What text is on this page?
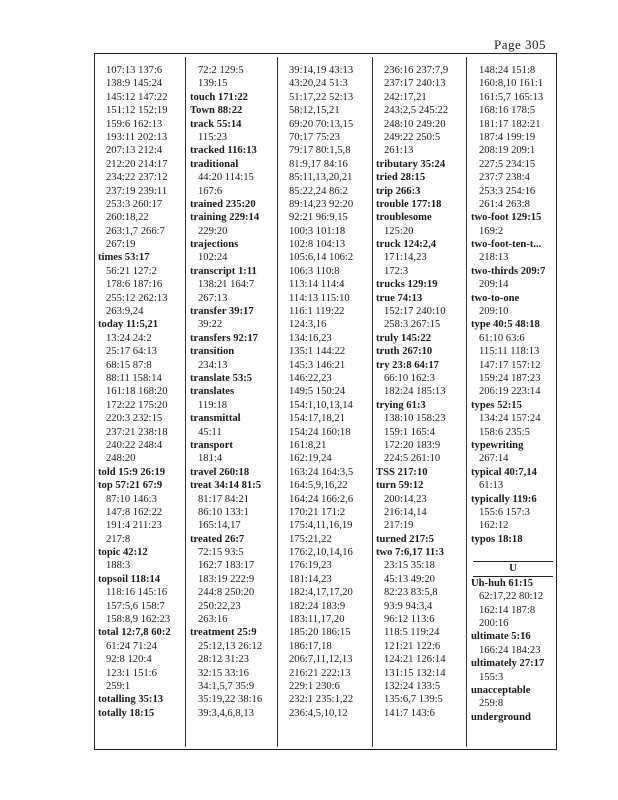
Page 305
107:13 137:6
138:9 145:24
145:12 147:22
151:12 152:19
159:6 162:13
193:11 202:13
207:13 212:4
212:20 214:17
234:22 237:12
237:19 239:11
253:3 260:17
260:18,22
263:1,7 266:7
267:19
times 53:17
56:21 127:2
178:6 187:16
255:12 262:13
263:9,24
today 11:5,21
13:24 24:2
25:17 64:13
68:15 87:8
88:11 158:14
161:18 168:20
172:22 175:20
220:3 232:15
237:21 238:18
240:22 248:4
248:20
told 15:9 26:19
top 57:21 67:9
87:10 146:3
147:8 162:22
191:4 211:23
217:8
topic 42:12
188:3
topsoil 118:14
118:16 145:16
157:5,6 158:7
158:8,9 162:23
total 12:7,8 60:2
61:24 71:24
92:8 120:4
123:1 151:6
259:1
totalling 35:13
totally 18:15
72:2 129:5
139:15
touch 171:22
Town 88:22
track 55:14
115:23
tracked 116:13
traditional
44:20 114:15
167:6
trained 235:20
training 229:14
229:20
trajections
102:24
transcript 1:11
138:21 164:7
267:13
transfer 39:17
39:22
transfers 92:17
transition
234:13
translate 53:5
translates
119:18
transmittal
45:11
transport
181:4
travel 260:18
treat 34:14 81:5
81:17 84:21
86:10 133:1
165:14,17
treated 26:7
72:15 93:5
162:7 183:17
183:19 222:9
244:8 250:20
250:22,23
263:16
treatment 25:9
25:12,13 26:12
28:12 31:23
32:15 33:16
34:1,5,7 35:9
35:19,22 38:16
39:3,4,6,8,13
39:14,19 43:13
43:20,24 51:3
51:17,22 52:13
58:12,15,21
69:20 70:13,15
70:17 75:23
79:17 80:1,5,8
81:9,17 84:16
85:11,13,20,21
85:22,24 86:2
89:14,23 92:20
92:21 96:9,15
100:3 101:18
102:8 104:13
105:6,14 106:2
106:3 110:8
113:14 114:4
114:13 115:10
116:1 119:22
124:3,16
134:16,23
135:1 144:22
145:3 146:21
146:22,23
149:5 150:24
154:1,10,13,14
154:17,18,21
154:24 160:18
161:8,21
162:19,24
163:24 164:3,5
164:5,9,16,22
164:24 166:2,6
170:21 171:2
175:4,11,16,19
175:21,22
176:2,10,14,16
176:19,23
181:14,23
182:4,17,17,20
182:24 183:9
183:11,17,20
185:20 186:15
186:17,18
206:7,11,12,13
216:21 222:13
229:1 230:6
232:1 235:1,22
236:4,5,10,12
236:16 237:7,9
237:17 240:13
242:17,21
243:2,5 245:22
248:10 249:20
249:22 250:5
261:13
tributary 35:24
tried 28:15
trip 266:3
trouble 177:18
troublesome
125:20
truck 124:2,4
171:14,23
172:3
trucks 129:19
true 74:13
152:17 240:10
258:3 267:15
truly 145:22
truth 267:10
try 23:8 64:17
66:10 162:3
182:24 185:13
trying 61:3
138:10 158:23
159:1 165:4
172:20 183:9
224:5 261:10
TSS 217:10
turn 59:12
200:14,23
216:14,14
217:19
turned 217:5
two 7:6,17 11:3
23:15 35:18
45:13 49:20
82:23 83:5,8
93:9 94:3,4
96:12 113:6
118:5 119:24
121:21 122:6
124:21 126:14
131:15 132:14
132:24 133:5
135:6,7 139:5
141:7 143:6
148:24 151:8
160:8,10 161:1
161:5,7 165:13
168:16 178:5
181:17 182:21
187:4 199:19
208:19 209:1
227:5 234:15
237:7 238:4
253:3 254:16
261:4 263:8
two-foot 129:15
169:2
two-foot-ten-t...
218:13
two-thirds 209:7
209:14
two-to-one
209:10
type 40:5 48:18
61:10 63:6
115:11 118:13
147:17 157:12
159:24 187:23
206:19 223:14
types 52:15
134:24 157:24
158:6 235:5
typewriting
267:14
typical 40:7,14
61:13
typically 119:6
155:6 157:3
162:12
typos 18:18
U
Uh-huh 61:15
62:17,22 80:12
162:14 187:8
200:16
ultimate 5:16
166:24 184:23
ultimately 27:17
155:3
unacceptable
259:8
underground
